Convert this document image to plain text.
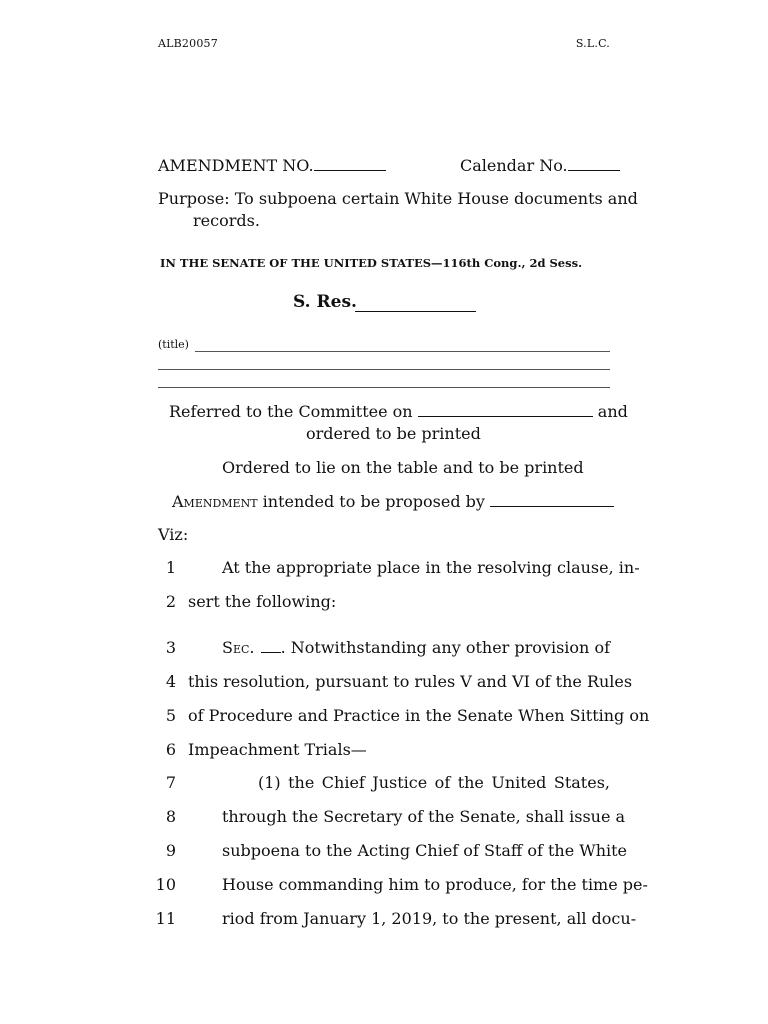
ALB20057	S.L.C.
AMENDMENT NO.	Calendar No.
Purpose: To subpoena certain White House documents and
records.
IN THE SENATE OF THE UNITED STATES—116th Cong., 2d Sess.
S. Res.
(title)
Referred to the Committee on	and
ordered to be printed
Ordered to lie on the table and to be printed
Amendment intended to be proposed by
Viz:
1	At the appropriate place in the resolving clause, in-
2 sert the following:
3	Sec. . Notwithstanding any other provision of
4 this resolution, pursuant to rules V and VI of the Rules
5 of Procedure and Practice in the Senate When Sitting on
6 Impeachment Trials—
7	(1) the Chief Justice of the United States,
8	through the Secretary of the Senate, shall issue a
9	subpoena to the Acting Chief of Staff of the White
10	House commanding him to produce, for the time pe-
11	riod from January 1, 2019, to the present, all docu-
